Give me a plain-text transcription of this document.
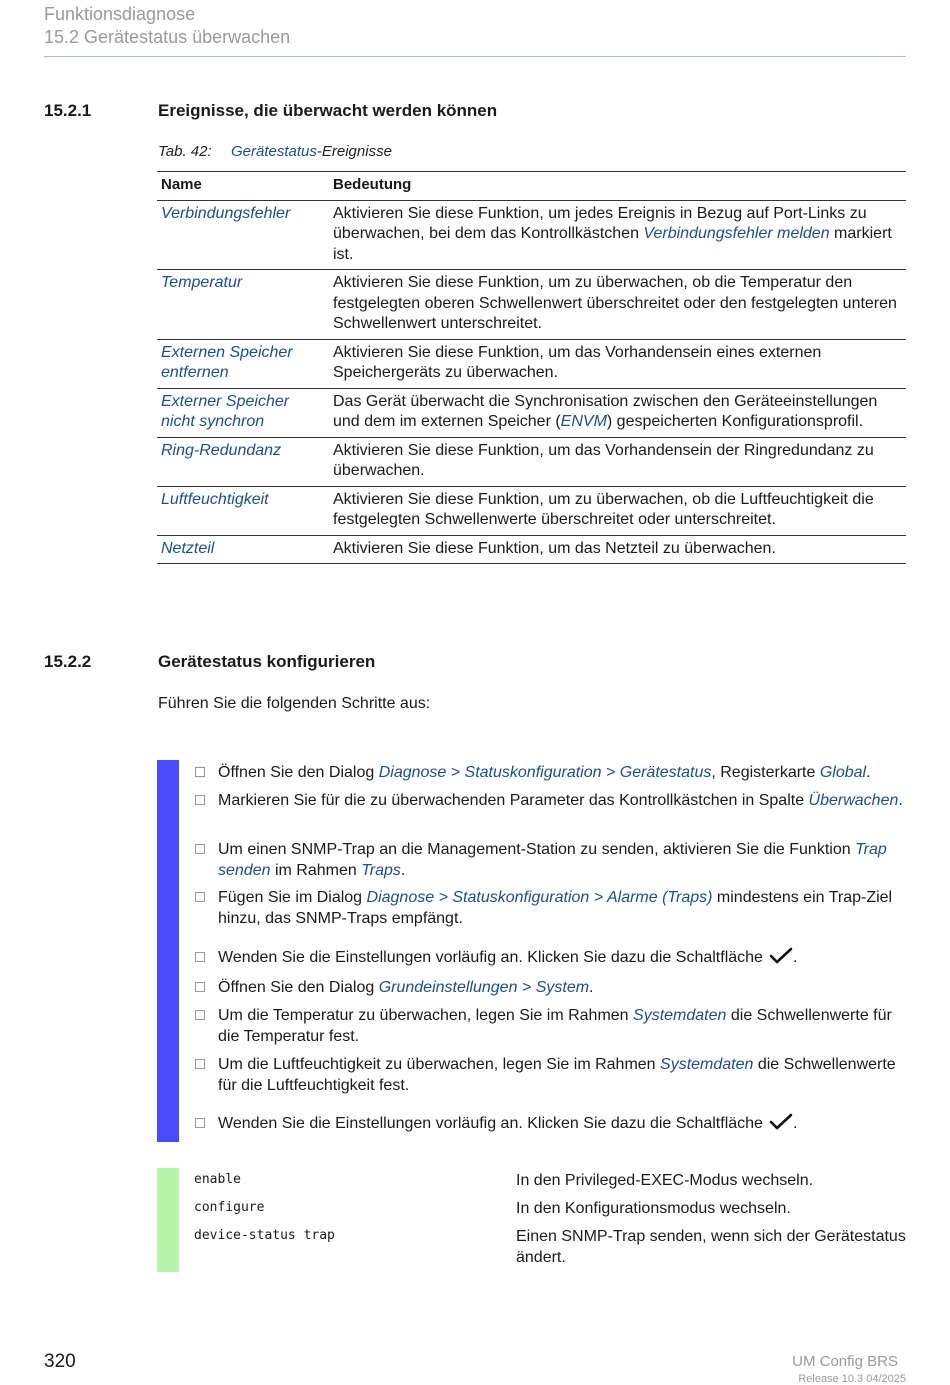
Funktionsdiagnose
15.2 Gerätestatus überwachen
15.2.1	Ereignisse, die überwacht werden können
Tab. 42: Gerätestatus-Ereignisse
Name	Bedeutung
Verbindungsfehler	Aktivieren Sie diese Funktion, um jedes Ereignis in Bezug auf Port-Links zu überwachen, bei dem das Kontrollkästchen Verbindungsfehler melden markiert ist.
Temperatur	Aktivieren Sie diese Funktion, um zu überwachen, ob die Temperatur den festgelegten oberen Schwellenwert überschreitet oder den festgelegten unteren Schwellenwert unterschreitet.
Externen Speicher entfernen	Aktivieren Sie diese Funktion, um das Vorhandensein eines externen Speichergeräts zu überwachen.
Externer Speicher nicht synchron	Das Gerät überwacht die Synchronisation zwischen den Geräteeinstellungen und dem im externen Speicher (ENVM) gespeicherten Konfigurationsprofil.
Ring-Redundanz	Aktivieren Sie diese Funktion, um das Vorhandensein der Ringredundanz zu überwachen.
Luftfeuchtigkeit	Aktivieren Sie diese Funktion, um zu überwachen, ob die Luftfeuchtigkeit die festgelegten Schwellenwerte überschreitet oder unterschreitet.
Netzteil	Aktivieren Sie diese Funktion, um das Netzteil zu überwachen.
15.2.2	Gerätestatus konfigurieren
Führen Sie die folgenden Schritte aus:
Öffnen Sie den Dialog Diagnose > Statuskonfiguration > Gerätestatus, Registerkarte Global.
Markieren Sie für die zu überwachenden Parameter das Kontrollkästchen in Spalte Überwachen.
Um einen SNMP-Trap an die Management-Station zu senden, aktivieren Sie die Funktion Trap senden im Rahmen Traps.
Fügen Sie im Dialog Diagnose > Statuskonfiguration > Alarme (Traps) mindestens ein Trap-Ziel hinzu, das SNMP-Traps empfängt.
Wenden Sie die Einstellungen vorläufig an. Klicken Sie dazu die Schaltfläche .
Öffnen Sie den Dialog Grundeinstellungen > System.
Um die Temperatur zu überwachen, legen Sie im Rahmen Systemdaten die Schwellenwerte für die Temperatur fest.
Um die Luftfeuchtigkeit zu überwachen, legen Sie im Rahmen Systemdaten die Schwellenwerte für die Luftfeuchtigkeit fest.
Wenden Sie die Einstellungen vorläufig an. Klicken Sie dazu die Schaltfläche .
enable	In den Privileged-EXEC-Modus wechseln.
configure	In den Konfigurationsmodus wechseln.
device-status trap	Einen SNMP-Trap senden, wenn sich der Gerätestatus ändert.
320	UM Config BRS
Release 10.3 04/2025
